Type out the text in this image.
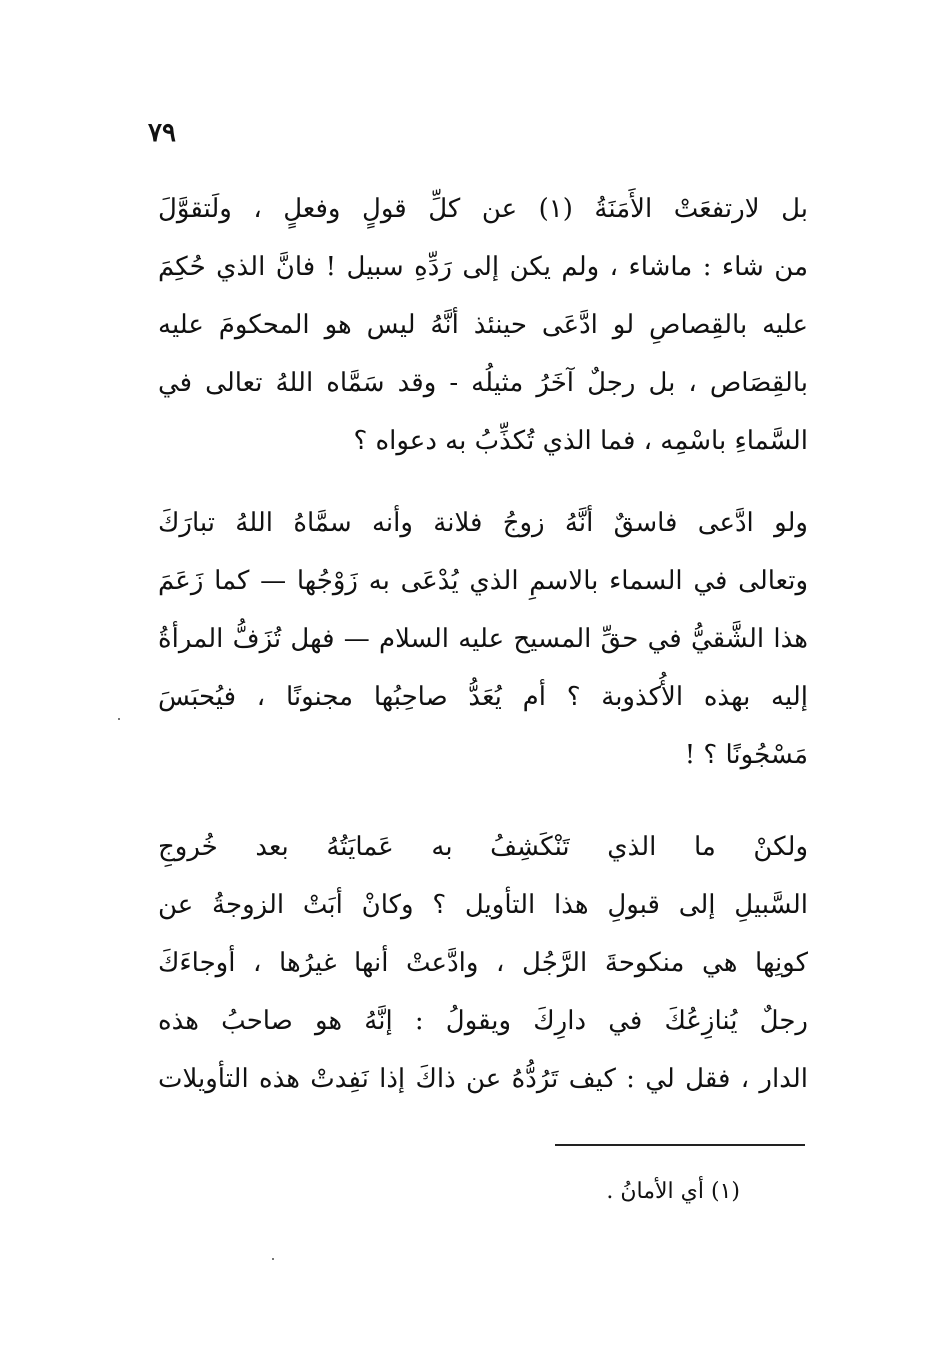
٧٩
بل لارتفعَتْ الأَمَنَةُ (١) عن كلِّ قولٍ وفعلٍ ، ولَتقوَّلَ
من شاء : ماشاء ، ولم يكن إلى رَدِّهِ سبيل ! فانَّ الذي حُكِمَ
عليه بالقِصاصِ لو ادَّعَى حينئذ أنَّهُ ليس هو المحكومَ عليه
بالقِصَاص ، بل رجلٌ آخَرُ مثيلُه - وقد سَمَّاه اللهُ تعالى في
السَّماءِ باسْمِه ، فما الذي تُكذِّبُ به دعواه ؟
ولو ادَّعى فاسقٌ أنَّهُ زوجُ فلانة وأنه سمَّاهُ اللهُ تبارَكَ
وتعالى في السماء بالاسمِ الذي يُدْعَى به زَوْجُها — كما زَعَمَ
هذا الشَّقيُّ في حقِّ المسيح عليه السلام — فهل تُزَفُّ المرأةُ
إليه بهذه الأُكذوبة ؟ أم يُعَدُّ صاحِبُها مجنونًا ، فيُحبَسَ
مَسْجُونًا ؟ !
ولكنْ ما الذي تَنْكَشِفُ به عَمايَتُهُ بعد خُروجِ
السَّبيلِ إلى قبولِ هذا التأويل ؟ وكانْ أبَتْ الزوجةُ عن
كونِها هي منكوحةَ الرَّجُل ، وادَّعتْ أنها غيرُها ، أوجاءَكَ
رجلٌ يُنازِعُكَ في دارِكَ ويقولُ : إنَّهُ هو صاحبُ هذه
الدار ، فقل لي : كيف تَرُدُّهُ عن ذاكَ إذا نَفِدتْ هذه التأويلات
(١) أي الأمانُ .
